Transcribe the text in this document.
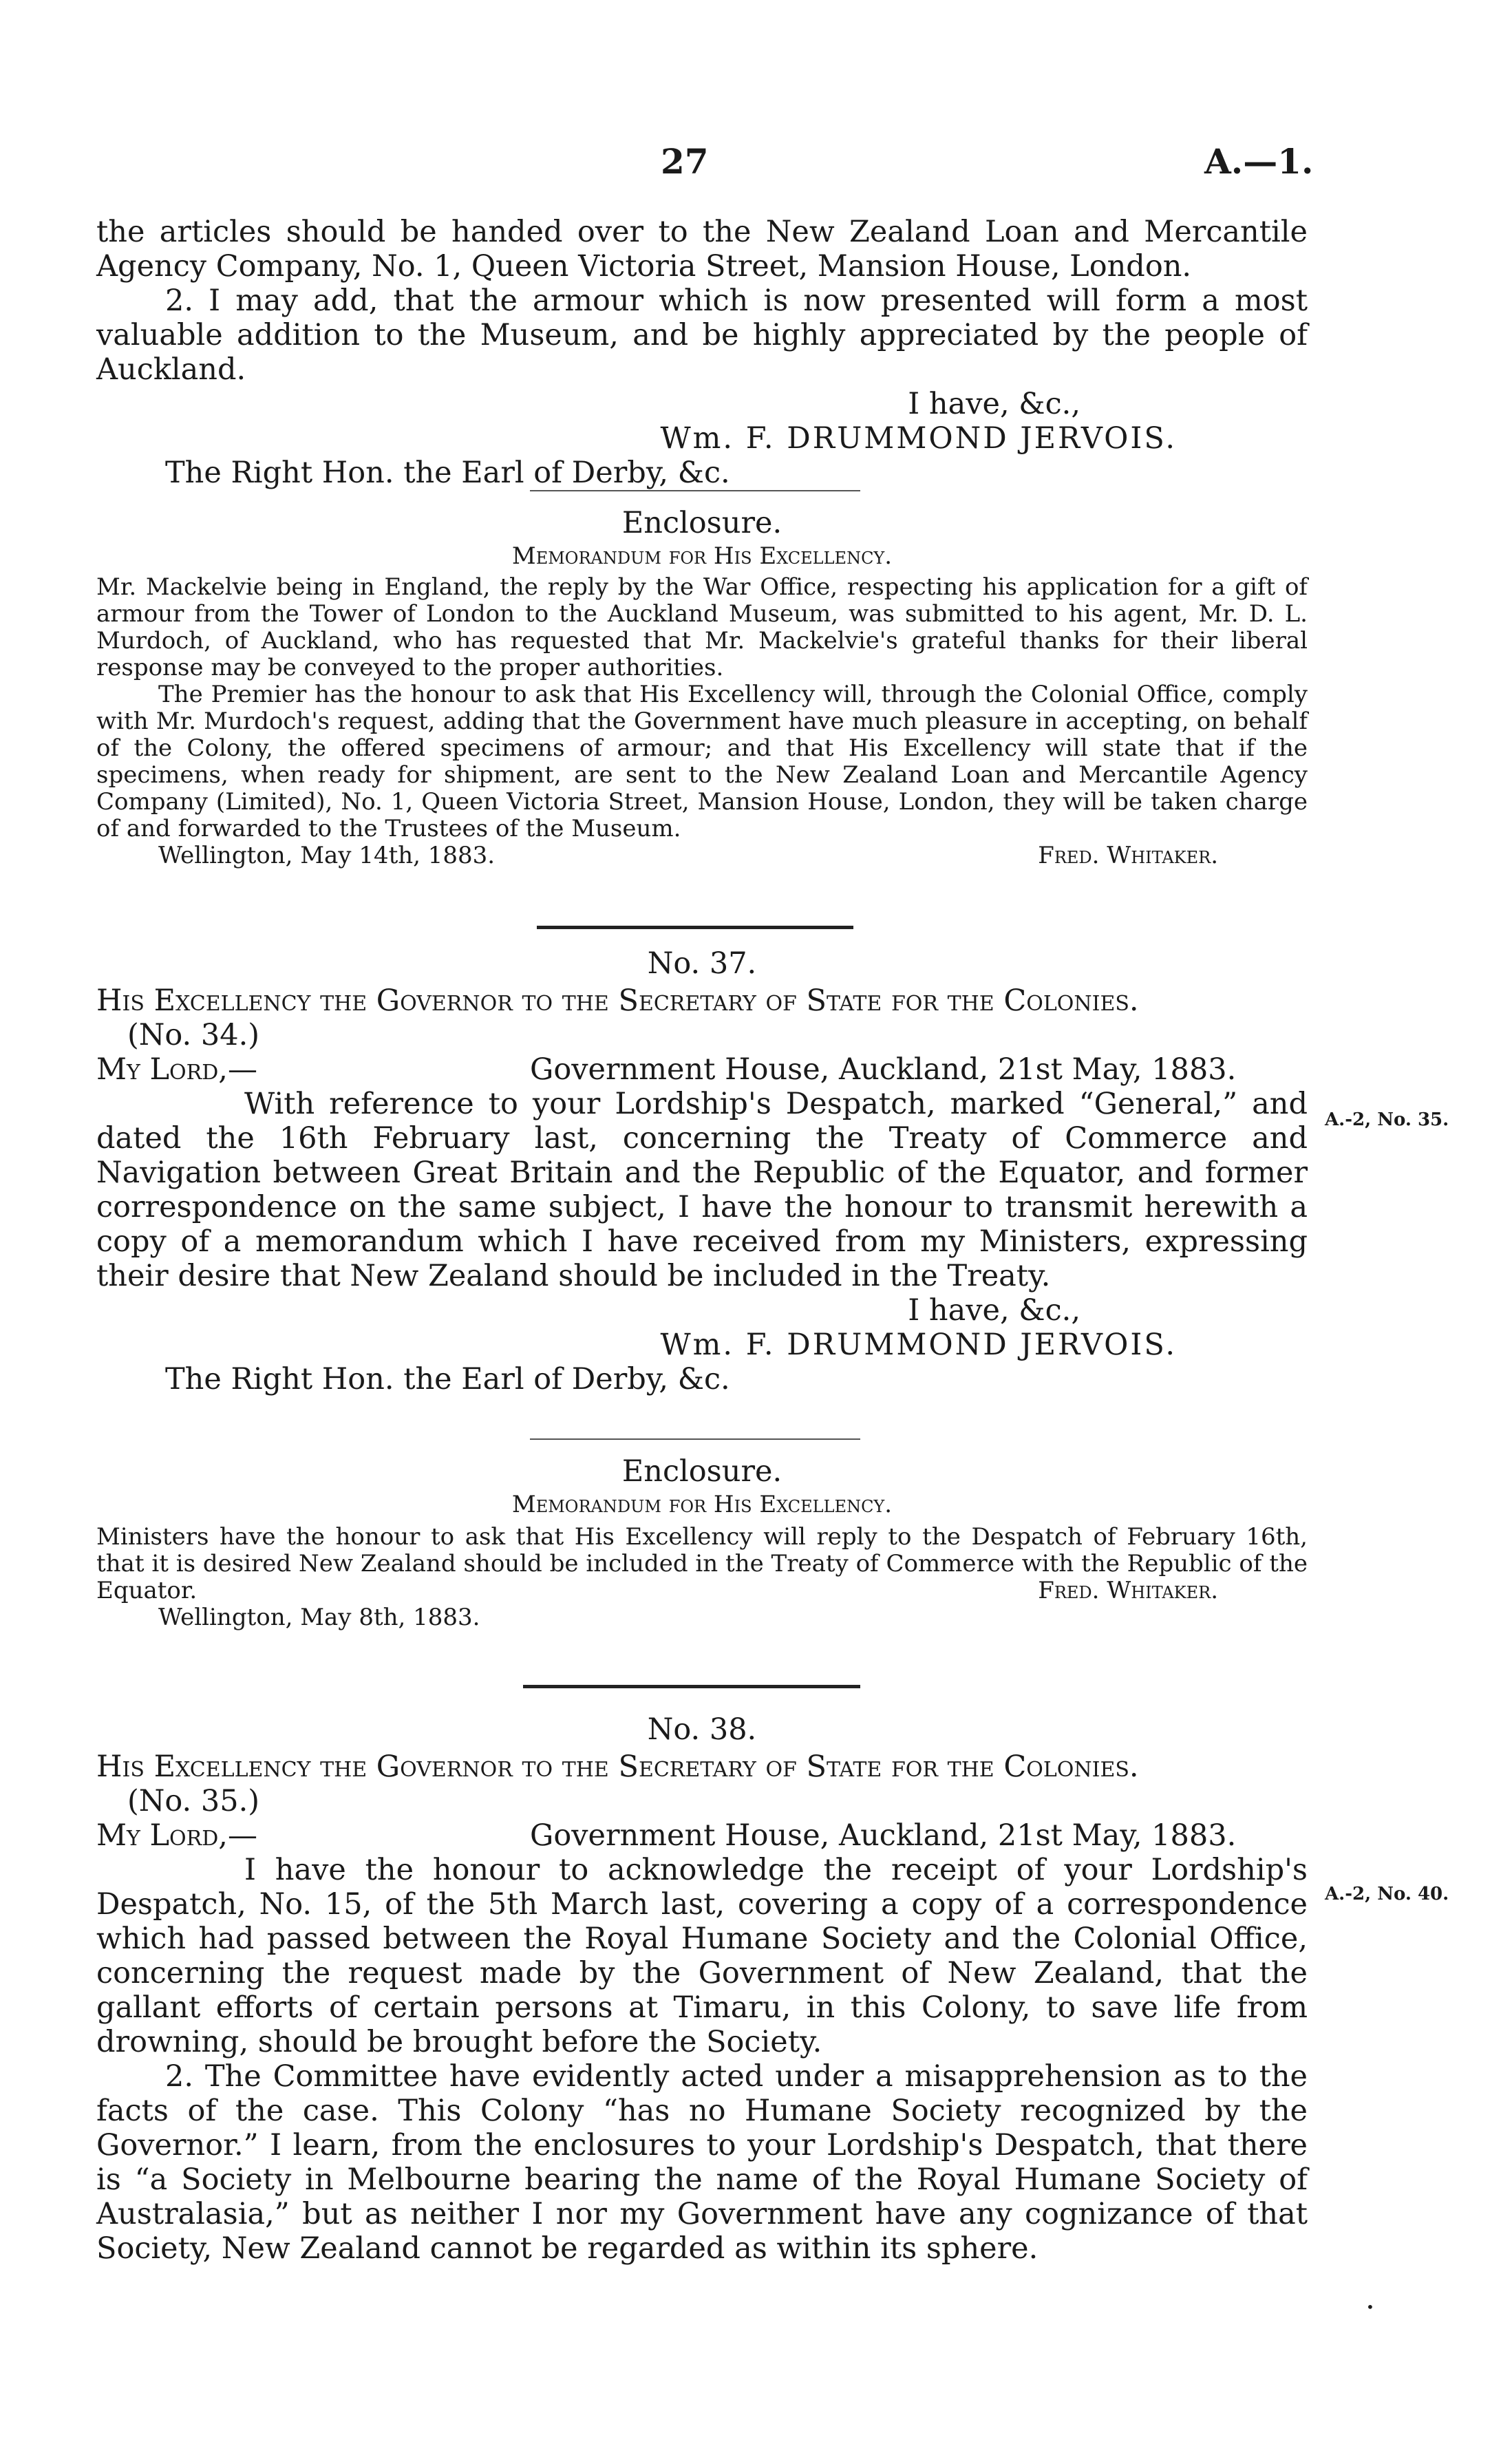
27	A.—1.

the articles should be handed over to the New Zealand Loan and Mercantile Agency Company, No. 1, Queen Victoria Street, Mansion House, London.

2. I may add, that the armour which is now presented will form a most valuable addition to the Museum, and be highly appreciated by the people of Auckland.

I have, &c.,

Wm. F. DRUMMOND JERVOIS.

The Right Hon. the Earl of Derby, &c.

Enclosure.

Memorandum for His Excellency.

Mr. Mackelvie being in England, the reply by the War Office, respecting his application for a gift of armour from the Tower of London to the Auckland Museum, was submitted to his agent, Mr. D. L. Murdoch, of Auckland, who has requested that Mr. Mackelvie's grateful thanks for their liberal response may be conveyed to the proper authorities.

The Premier has the honour to ask that His Excellency will, through the Colonial Office, comply with Mr. Murdoch's request, adding that the Government have much pleasure in accepting, on behalf of the Colony, the offered specimens of armour; and that His Excellency will state that if the specimens, when ready for shipment, are sent to the New Zealand Loan and Mercantile Agency Company (Limited), No. 1, Queen Victoria Street, Mansion House, London, they will be taken charge of and forwarded to the Trustees of the Museum.

Wellington, May 14th, 1883.	Fred. Whitaker.

No. 37.

His Excellency the Governor to the Secretary of State for the Colonies.

(No. 34.)

My Lord,—	Government House, Auckland, 21st May, 1883.

With reference to your Lordship's Despatch, marked “General,” and dated the 16th February last, concerning the Treaty of Commerce and Navigation between Great Britain and the Republic of the Equator, and former correspondence on the same subject, I have the honour to transmit herewith a copy of a memorandum which I have received from my Ministers, expressing their desire that New Zealand should be included in the Treaty.

I have, &c.,

Wm. F. DRUMMOND JERVOIS.

The Right Hon. the Earl of Derby, &c.

A.-2, No. 35.

Enclosure.

Memorandum for His Excellency.

Ministers have the honour to ask that His Excellency will reply to the Despatch of February 16th, that it is desired New Zealand should be included in the Treaty of Commerce with the Republic of the Equator.	Fred. Whitaker.

Wellington, May 8th, 1883.

No. 38.

His Excellency the Governor to the Secretary of State for the Colonies.

(No. 35.)

My Lord,—	Government House, Auckland, 21st May, 1883.

I have the honour to acknowledge the receipt of your Lordship's Despatch, No. 15, of the 5th March last, covering a copy of a correspondence which had passed between the Royal Humane Society and the Colonial Office, concerning the request made by the Government of New Zealand, that the gallant efforts of certain persons at Timaru, in this Colony, to save life from drowning, should be brought before the Society.

2. The Committee have evidently acted under a misapprehension as to the facts of the case. This Colony “has no Humane Society recognized by the Governor.” I learn, from the enclosures to your Lordship's Despatch, that there is “a Society in Melbourne bearing the name of the Royal Humane Society of Australasia,” but as neither I nor my Government have any cognizance of that Society, New Zealand cannot be regarded as within its sphere.

A.-2, No. 40.
•
